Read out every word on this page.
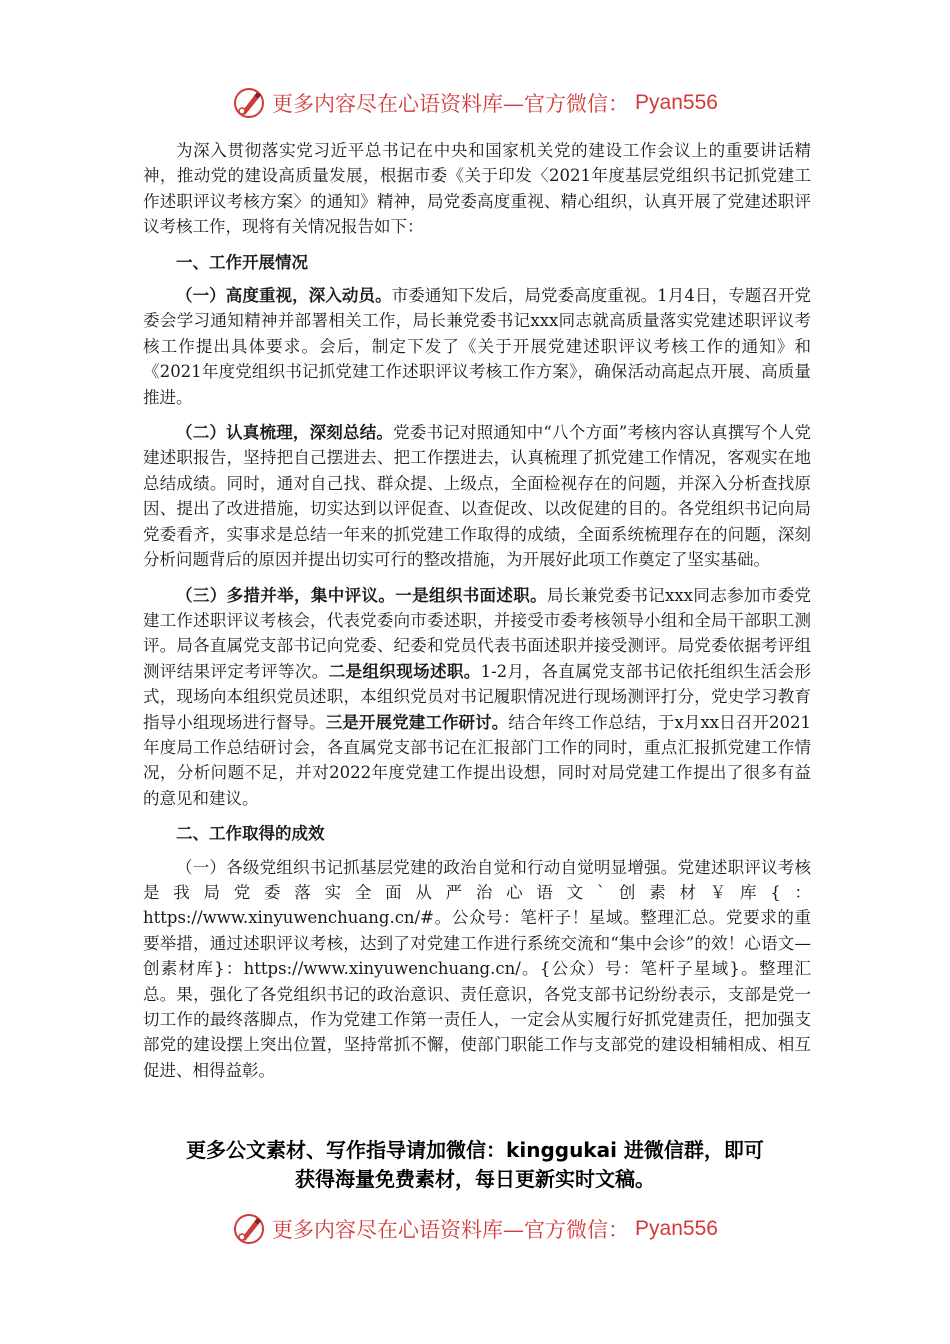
更多内容尽在心语资料库—官方微信： Pyan556

为深入贯彻落实党习近平总书记在中央和国家机关党的建设工作会议上的重要讲话精神，推动党的建设高质量发展，根据市委《关于印发〈2021年度基层党组织书记抓党建工作述职评议考核方案〉的通知》精神，局党委高度重视、精心组织，认真开展了党建述职评议考核工作，现将有关情况报告如下：

一、工作开展情况

（一）高度重视，深入动员。市委通知下发后，局党委高度重视。1月4日，专题召开党委会学习通知精神并部署相关工作，局长兼党委书记xxx同志就高质量落实党建述职评议考核工作提出具体要求。会后，制定下发了《关于开展党建述职评议考核工作的通知》和《2021年度党组织书记抓党建工作述职评议考核工作方案》，确保活动高起点开展、高质量推进。

（二）认真梳理，深刻总结。党委书记对照通知中“八个方面”考核内容认真撰写个人党建述职报告，坚持把自己摆进去、把工作摆进去，认真梳理了抓党建工作情况，客观实在地总结成绩。同时，通对自己找、群众提、上级点，全面检视存在的问题，并深入分析查找原因、提出了改进措施，切实达到以评促查、以查促改、以改促建的目的。各党组织书记向局党委看齐，实事求是总结一年来的抓党建工作取得的成绩，全面系统梳理存在的问题，深刻分析问题背后的原因并提出切实可行的整改措施，为开展好此项工作奠定了坚实基础。

（三）多措并举，集中评议。一是组织书面述职。局长兼党委书记xxx同志参加市委党建工作述职评议考核会，代表党委向市委述职，并接受市委考核领导小组和全局干部职工测评。局各直属党支部书记向党委、纪委和党员代表书面述职并接受测评。局党委依据考评组测评结果评定考评等次。二是组织现场述职。1-2月，各直属党支部书记依托组织生活会形式，现场向本组织党员述职，本组织党员对书记履职情况进行现场测评打分，党史学习教育指导小组现场进行督导。三是开展党建工作研讨。结合年终工作总结，于x月xx日召开2021年度局工作总结研讨会，各直属党支部书记在汇报部门工作的同时，重点汇报抓党建工作情况，分析问题不足，并对2022年度党建工作提出设想，同时对局党建工作提出了很多有益的意见和建议。

二、工作取得的成效

（一）各级党组织书记抓基层党建的政治自觉和行动自觉明显增强。党建述职评议考核是我局党委落实全面从严治心语文`创素材￥库{：https://www.xinyuwenchuang.cn/#。公众号：笔杆子！星域。整理汇总。党要求的重要举措，通过述职评议考核，达到了对党建工作进行系统交流和“集中会诊”的效！心语文—创素材库}：https://www.xinyuwenchuang.cn/。{公众）号：笔杆子星域}。整理汇总。果，强化了各党组织书记的政治意识、责任意识，各党支部书记纷纷表示，支部是党一切工作的最终落脚点，作为党建工作第一责任人，一定会从实履行好抓党建责任，把加强支部党的建设摆上突出位置，坚持常抓不懈，使部门职能工作与支部党的建设相辅相成、相互促进、相得益彰。

更多公文素材、写作指导请加微信：kinggukai 进微信群，即可
获得海量免费素材，每日更新实时文稿。
更多内容尽在心语资料库—官方微信： Pyan556
